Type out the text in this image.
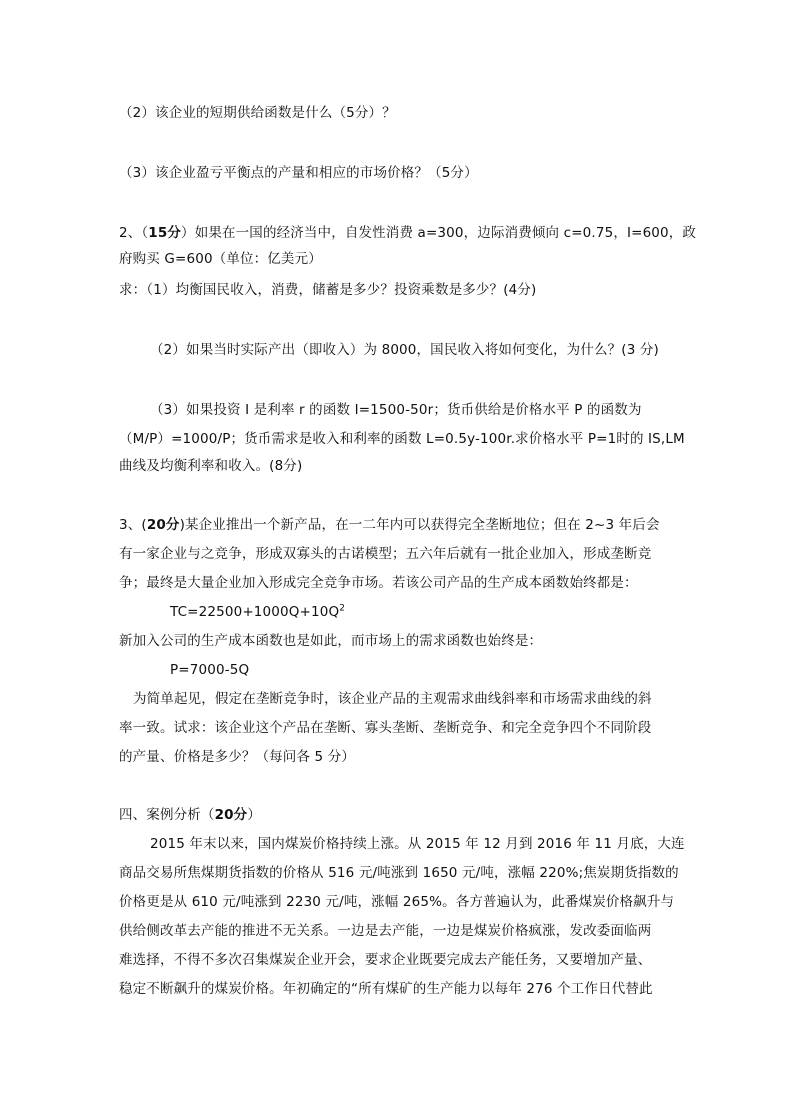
（2）该企业的短期供给函数是什么（5分）？
（3）该企业盈亏平衡点的产量和相应的市场价格？（5分）
2、（15分）如果在一国的经济当中，自发性消费 a=300，边际消费倾向 c=0.75，I=600，政
府购买 G=600（单位：亿美元）
求：（1）均衡国民收入，消费，储蓄是多少？投资乘数是多少？(4分)
（2）如果当时实际产出（即收入）为 8000，国民收入将如何变化，为什么？(3 分)
（3）如果投资 I 是利率 r 的函数 I=1500-50r；货币供给是价格水平 P 的函数为
（M/P）=1000/P；货币需求是收入和利率的函数 L=0.5y-100r.求价格水平 P=1时的 IS,LM
曲线及均衡利率和收入。(8分)
3、(20分)某企业推出一个新产品，在一二年内可以获得完全垄断地位；但在 2~3 年后会
有一家企业与之竞争，形成双寡头的古诺模型；五六年后就有一批企业加入，形成垄断竞
争；最终是大量企业加入形成完全竞争市场。若该公司产品的生产成本函数始终都是：
$TC=22500+1000Q+10Q^2$
新加入公司的生产成本函数也是如此，而市场上的需求函数也始终是：
P=7000-5Q
为简单起见，假定在垄断竞争时，该企业产品的主观需求曲线斜率和市场需求曲线的斜
率一致。试求：该企业这个产品在垄断、寡头垄断、垄断竞争、和完全竞争四个不同阶段
的产量、价格是多少？（每问各 5 分）
四、案例分析（20分）
2015 年末以来，国内煤炭价格持续上涨。从 2015 年 12 月到 2016 年 11 月底，大连
商品交易所焦煤期货指数的价格从 516 元/吨涨到 1650 元/吨，涨幅 220%;焦炭期货指数的
价格更是从 610 元/吨涨到 2230 元/吨，涨幅 265%。各方普遍认为，此番煤炭价格飙升与
供给侧改革去产能的推进不无关系。一边是去产能，一边是煤炭价格疯涨，发改委面临两
难选择，不得不多次召集煤炭企业开会，要求企业既要完成去产能任务，又要增加产量、
稳定不断飙升的煤炭价格。年初确定的“所有煤矿的生产能力以每年 276 个工作日代替此
